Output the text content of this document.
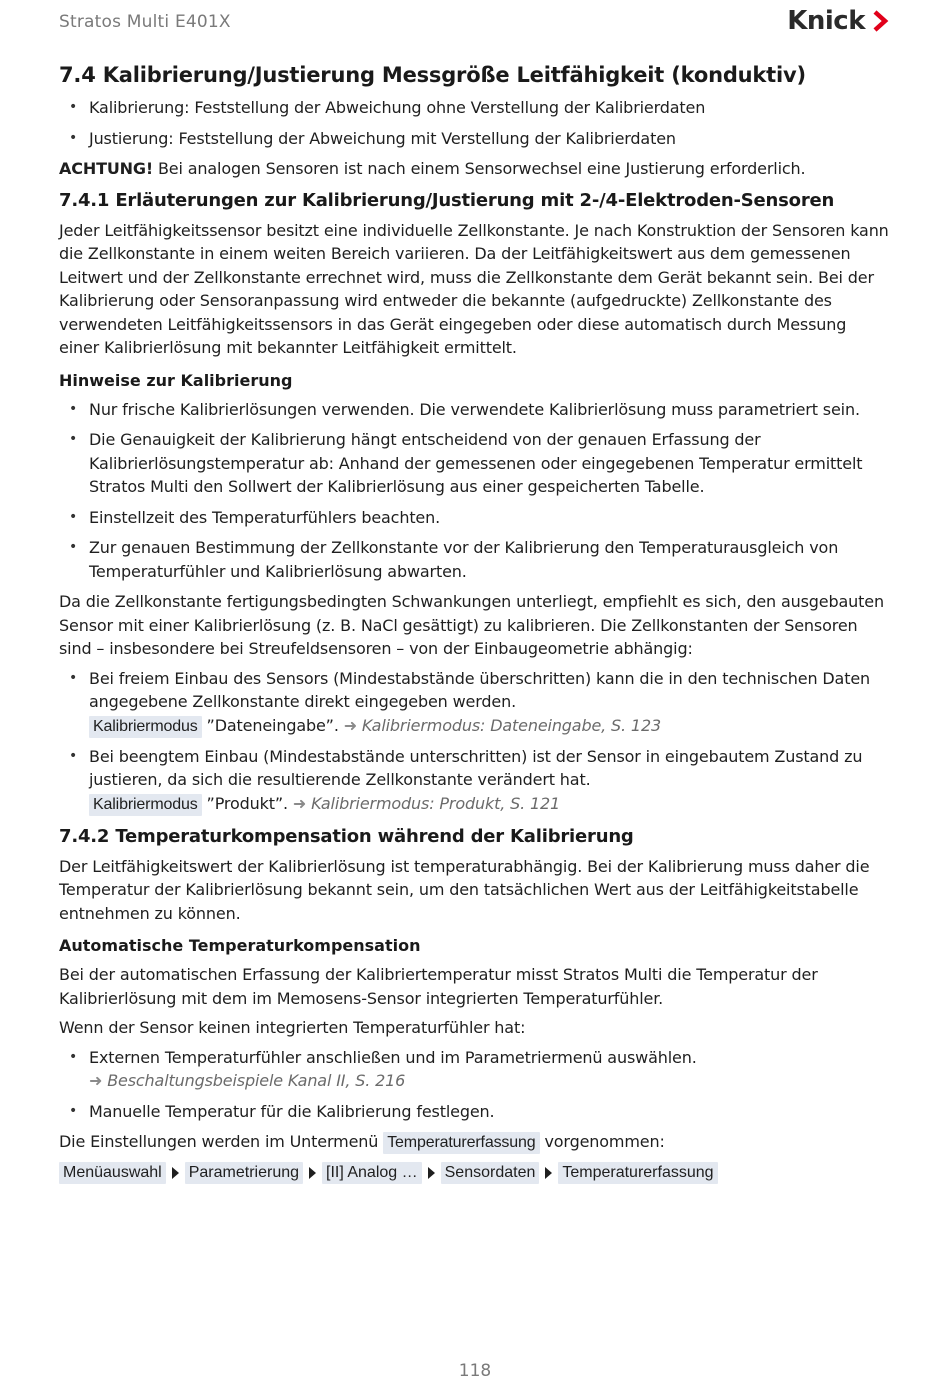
Stratos Multi E401X	Knick
7.4 Kalibrierung/Justierung Messgröße Leitfähigkeit (konduktiv)
• Kalibrierung: Feststellung der Abweichung ohne Verstellung der Kalibrierdaten
• Justierung: Feststellung der Abweichung mit Verstellung der Kalibrierdaten

ACHTUNG! Bei analogen Sensoren ist nach einem Sensorwechsel eine Justierung erforderlich.

7.4.1 Erläuterungen zur Kalibrierung/Justierung mit 2-/4-Elektroden-Sensoren

Jeder Leitfähigkeitssensor besitzt eine individuelle Zellkonstante. Je nach Konstruktion der Sensoren kann die Zellkonstante in einem weiten Bereich variieren. Da der Leitfähigkeitswert aus dem gemessenen Leitwert und der Zellkonstante errechnet wird, muss die Zellkonstante dem Gerät bekannt sein. Bei der Kalibrierung oder Sensoranpassung wird entweder die bekannte (aufgedruckte) Zellkonstante des verwendeten Leitfähigkeitssensors in das Gerät eingegeben oder diese automatisch durch Messung einer Kalibrierlösung mit bekannter Leitfähigkeit ermittelt.

Hinweise zur Kalibrierung
• Nur frische Kalibrierlösungen verwenden. Die verwendete Kalibrierlösung muss parametriert sein.
• Die Genauigkeit der Kalibrierung hängt entscheidend von der genauen Erfassung der Kalibrierlösungstemperatur ab: Anhand der gemessenen oder eingegebenen Temperatur ermittelt Stratos Multi den Sollwert der Kalibrierlösung aus einer gespeicherten Tabelle.
• Einstellzeit des Temperaturfühlers beachten.
• Zur genauen Bestimmung der Zellkonstante vor der Kalibrierung den Temperaturausgleich von Temperaturfühler und Kalibrierlösung abwarten.

Da die Zellkonstante fertigungsbedingten Schwankungen unterliegt, empfiehlt es sich, den ausgebauten Sensor mit einer Kalibrierlösung (z. B. NaCl gesättigt) zu kalibrieren. Die Zellkonstanten der Sensoren sind – insbesondere bei Streufeldsensoren – von der Einbaugeometrie abhängig:

• Bei freiem Einbau des Sensors (Mindestabstände überschritten) kann die in den technischen Daten angegebene Zellkonstante direkt eingegeben werden.
Kalibriermodus ”Dateneingabe”. ➜ Kalibriermodus: Dateneingabe, S. 123
• Bei beengtem Einbau (Mindestabstände unterschritten) ist der Sensor in eingebautem Zustand zu justieren, da sich die resultierende Zellkonstante verändert hat.
Kalibriermodus ”Produkt”. ➜ Kalibriermodus: Produkt, S. 121
7.4.2 Temperaturkompensation während der Kalibrierung

Der Leitfähigkeitswert der Kalibrierlösung ist temperaturabhängig. Bei der Kalibrierung muss daher die Temperatur der Kalibrierlösung bekannt sein, um den tatsächlichen Wert aus der Leitfähigkeitstabelle entnehmen zu können.

Automatische Temperaturkompensation

Bei der automatischen Erfassung der Kalibriertemperatur misst Stratos Multi die Temperatur der Kalibrierlösung mit dem im Memosens-Sensor integrierten Temperaturfühler.

Wenn der Sensor keinen integrierten Temperaturfühler hat:

• Externen Temperaturfühler anschließen und im Parametriermenü auswählen.
➜ Beschaltungsbeispiele Kanal II, S. 216
• Manuelle Temperatur für die Kalibrierung festlegen.

Die Einstellungen werden im Untermenü Temperaturerfassung vorgenommen:

Menüauswahl Parametrierung [II] Analog … Sensordaten Temperaturerfassung
118
